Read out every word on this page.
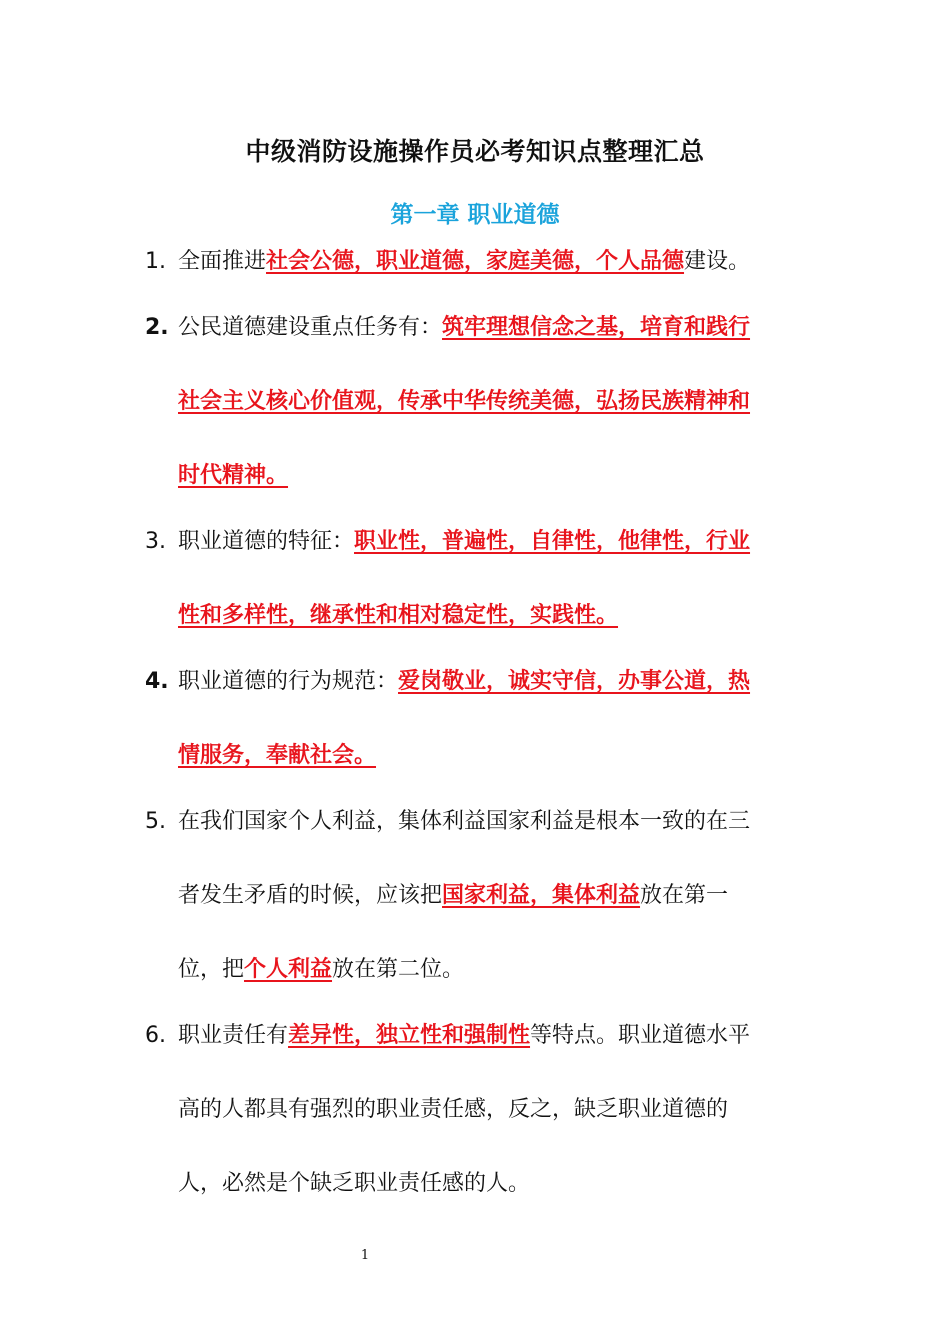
中级消防设施操作员必考知识点整理汇总
第一章 职业道德
1. 全面推进社会公德，职业道德，家庭美德，个人品德建设。
2. 公民道德建设重点任务有：筑牢理想信念之基，培育和践行
社会主义核心价值观，传承中华传统美德，弘扬民族精神和
时代精神。
3. 职业道德的特征：职业性，普遍性，自律性，他律性，行业
性和多样性，继承性和相对稳定性，实践性。
4. 职业道德的行为规范：爱岗敬业，诚实守信，办事公道，热
情服务，奉献社会。
5. 在我们国家个人利益，集体利益国家利益是根本一致的在三
者发生矛盾的时候，应该把国家利益，集体利益放在第一
位，把个人利益放在第二位。
6. 职业责任有差异性，独立性和强制性等特点。职业道德水平
高的人都具有强烈的职业责任感，反之，缺乏职业道德的
人，必然是个缺乏职业责任感的人。
1
